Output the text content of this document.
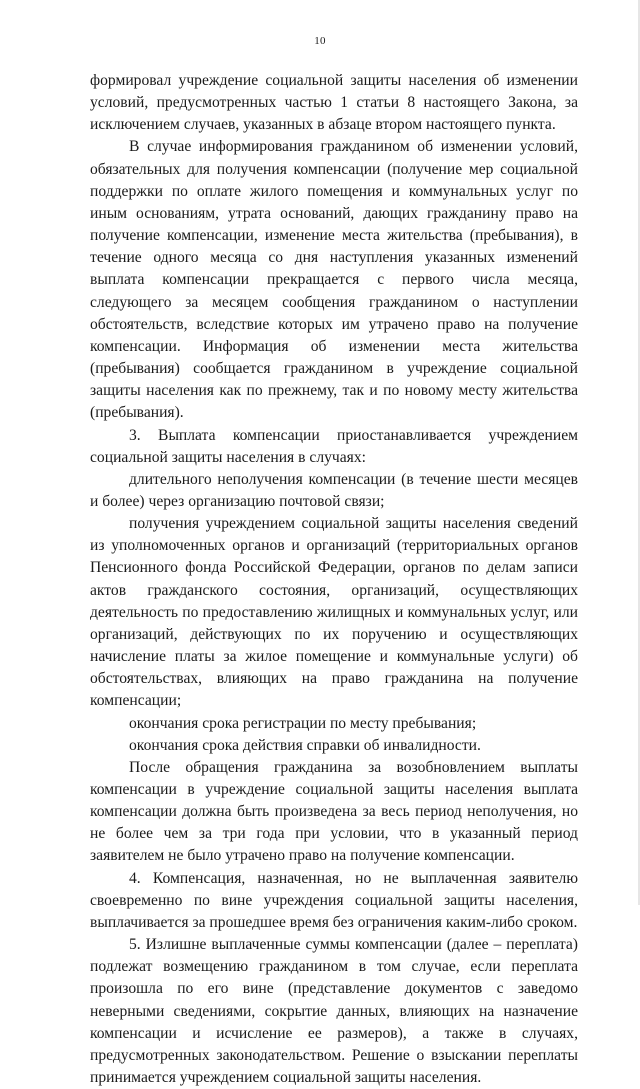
10

формировал учреждение социальной защиты населения об изменении условий, предусмотренных частью 1 статьи 8 настоящего Закона, за исключением случаев, указанных в абзаце втором настоящего пункта.

В случае информирования гражданином об изменении условий, обязательных для получения компенсации (получение мер социальной поддержки по оплате жилого помещения и коммунальных услуг по иным основаниям, утрата оснований, дающих гражданину право на получение компенсации, изменение места жительства (пребывания), в течение одного месяца со дня наступления указанных изменений выплата компенсации прекращается с первого числа месяца, следующего за месяцем сообщения гражданином о наступлении обстоятельств, вследствие которых им утрачено право на получение компенсации. Информация об изменении места жительства (пребывания) сообщается гражданином в учреждение социальной защиты населения как по прежнему, так и по новому месту жительства (пребывания).

3. Выплата компенсации приостанавливается учреждением социальной защиты населения в случаях:

длительного неполучения компенсации (в течение шести месяцев и более) через организацию почтовой связи;

получения учреждением социальной защиты населения сведений из уполномоченных органов и организаций (территориальных органов Пенсионного фонда Российской Федерации, органов по делам записи актов гражданского состояния, организаций, осуществляющих деятельность по предоставлению жилищных и коммунальных услуг, или организаций, действующих по их поручению и осуществляющих начисление платы за жилое помещение и коммунальные услуги) об обстоятельствах, влияющих на право гражданина на получение компенсации;

окончания срока регистрации по месту пребывания;

окончания срока действия справки об инвалидности.

После обращения гражданина за возобновлением выплаты компенсации в учреждение социальной защиты населения выплата компенсации должна быть произведена за весь период неполучения, но не более чем за три года при условии, что в указанный период заявителем не было утрачено право на получение компенсации.

4. Компенсация, назначенная, но не выплаченная заявителю своевременно по вине учреждения социальной защиты населения, выплачивается за прошедшее время без ограничения каким-либо сроком.

5. Излишне выплаченные суммы компенсации (далее – переплата) подлежат возмещению гражданином в том случае, если переплата произошла по его вине (представление документов с заведомо неверными сведениями, сокрытие данных, влияющих на назначение компенсации и исчисление ее размеров), а также в случаях, предусмотренных законодательством. Решение о взыскании переплаты принимается учреждением социальной защиты населения.
